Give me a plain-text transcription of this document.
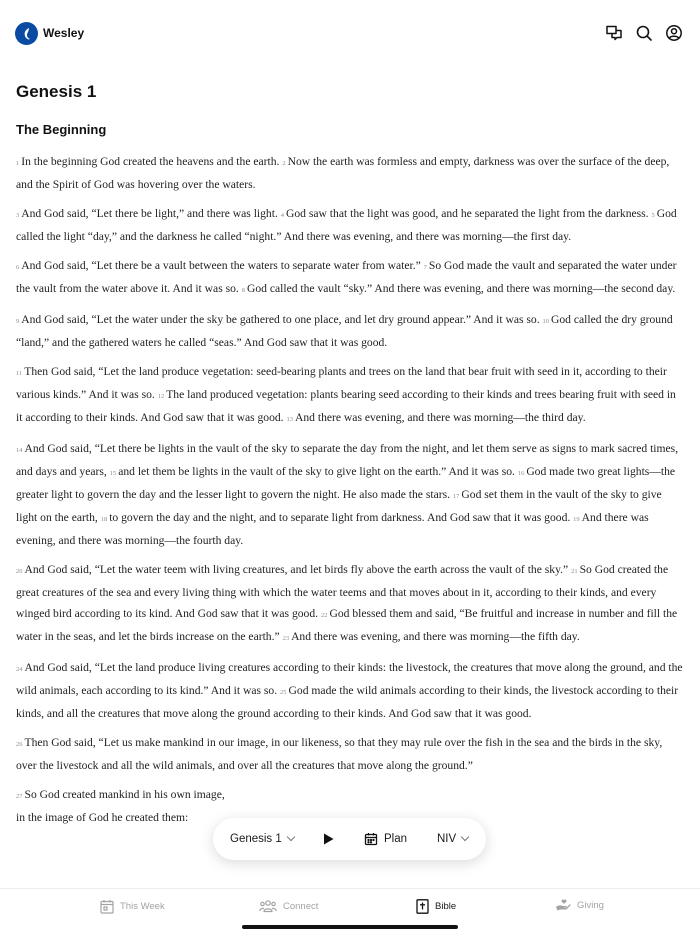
Wesley
Genesis 1
The Beginning

1 In the beginning God created the heavens and the earth. 2 Now the earth was formless and empty, darkness was over the surface of the deep, and the Spirit of God was hovering over the waters.

3 And God said, “Let there be light,” and there was light. 4 God saw that the light was good, and he separated the light from the darkness. 5 God called the light “day,” and the darkness he called “night.” And there was evening, and there was morning—the first day.

6 And God said, “Let there be a vault between the waters to separate water from water.” 7 So God made the vault and separated the water under the vault from the water above it. And it was so. 8 God called the vault “sky.” And there was evening, and there was morning—the second day.

9 And God said, “Let the water under the sky be gathered to one place, and let dry ground appear.” And it was so. 10 God called the dry ground “land,” and the gathered waters he called “seas.” And God saw that it was good.

11 Then God said, “Let the land produce vegetation: seed-bearing plants and trees on the land that bear fruit with seed in it, according to their various kinds.” And it was so. 12 The land produced vegetation: plants bearing seed according to their kinds and trees bearing fruit with seed in it according to their kinds. And God saw that it was good. 13 And there was evening, and there was morning—the third day.

14 And God said, “Let there be lights in the vault of the sky to separate the day from the night, and let them serve as signs to mark sacred times, and days and years, 15 and let them be lights in the vault of the sky to give light on the earth.” And it was so. 16 God made two great lights—the greater light to govern the day and the lesser light to govern the night. He also made the stars. 17 God set them in the vault of the sky to give light on the earth, 18 to govern the day and the night, and to separate light from darkness. And God saw that it was good. 19 And there was evening, and there was morning—the fourth day.

20 And God said, “Let the water teem with living creatures, and let birds fly above the earth across the vault of the sky.” 21 So God created the great creatures of the sea and every living thing with which the water teems and that moves about in it, according to their kinds, and every winged bird according to its kind. And God saw that it was good. 22 God blessed them and said, “Be fruitful and increase in number and fill the water in the seas, and let the birds increase on the earth.” 23 And there was evening, and there was morning—the fifth day.

24 And God said, “Let the land produce living creatures according to their kinds: the livestock, the creatures that move along the ground, and the wild animals, each according to its kind.” And it was so. 25 God made the wild animals according to their kinds, the livestock according to their kinds, and all the creatures that move along the ground according to their kinds. And God saw that it was good.

26 Then God said, “Let us make mankind in our image, in our likeness, so that they may rule over the fish in the sea and the birds in the sky, over the livestock and all the wild animals, and over all the creatures that move along the ground.”

27 So God created mankind in his own image,
in the image of God he created them:
Genesis 1	Plan	NIV
This Week	Connect	Bible	Giving
